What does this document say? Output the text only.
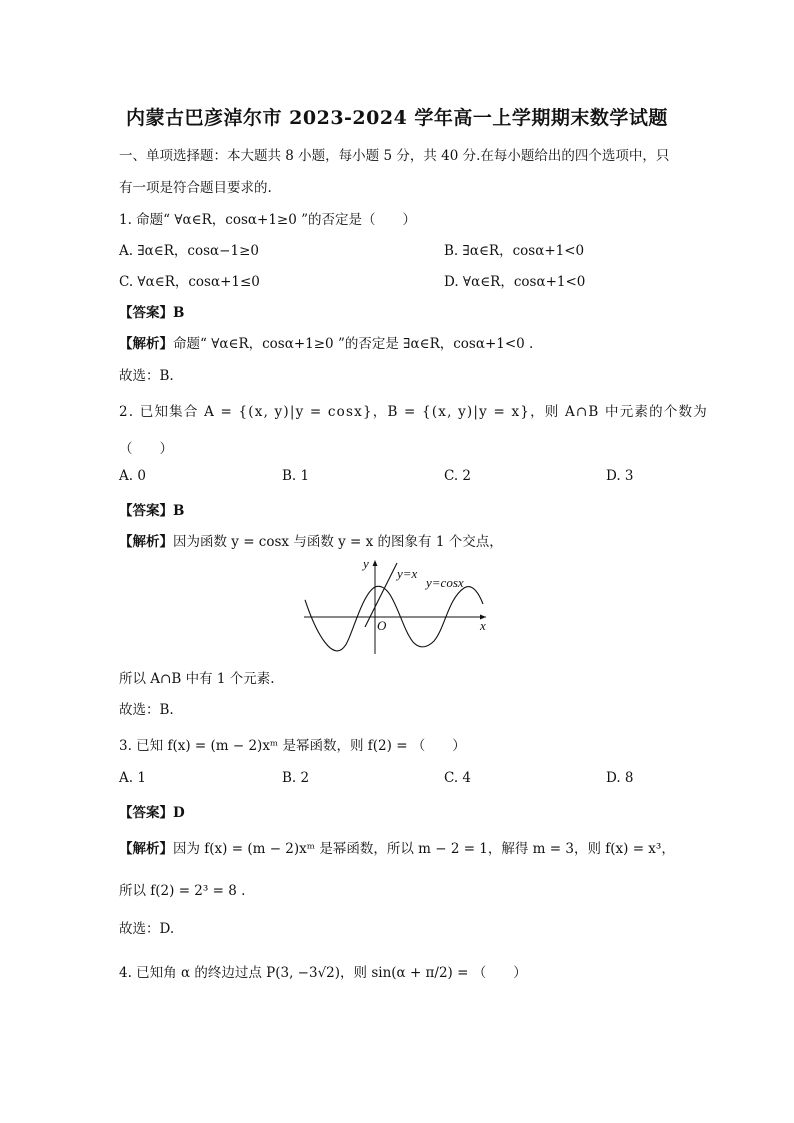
内蒙古巴彦淖尔市 2023-2024 学年高一上学期期末数学试题
一、单项选择题：本大题共 8 小题，每小题 5 分，共 40 分.在每小题给出的四个选项中，只
有一项是符合题目要求的.
1. 命题“ ∀α∈R，cosα+1≥0 ”的否定是（　　）
A. ∃α∈R，cosα−1≥0	B. ∃α∈R，cosα+1<0
C. ∀α∈R，cosα+1≤0	D. ∀α∈R，cosα+1<0
【答案】B
【解析】命题“ ∀α∈R，cosα+1≥0 ”的否定是 ∃α∈R，cosα+1<0 .
故选：B.
2. 已知集合 A = {(x, y)|y = cosx}，B = {(x, y)|y = x}，则 A∩B 中元素的个数为
（　　）
A. 0	B. 1	C. 2	D. 3
【答案】B
【解析】因为函数 y = cosx 与函数 y = x 的图象有 1 个交点，
y
x
O
y=x
y=cosx
所以 A∩B 中有 1 个元素.
故选：B.
3. 已知 f(x) = (m − 2)xᵐ 是幂函数，则 f(2) = （　　）
A. 1	B. 2	C. 4	D. 8
【答案】D
【解析】因为 f(x) = (m − 2)xᵐ 是幂函数，所以 m − 2 = 1，解得 m = 3，则 f(x) = x³，
所以 f(2) = 2³ = 8 .
故选：D.
4. 已知角 α 的终边过点 P(3, −3√2)，则 sin(α + π/2) = （　　）
